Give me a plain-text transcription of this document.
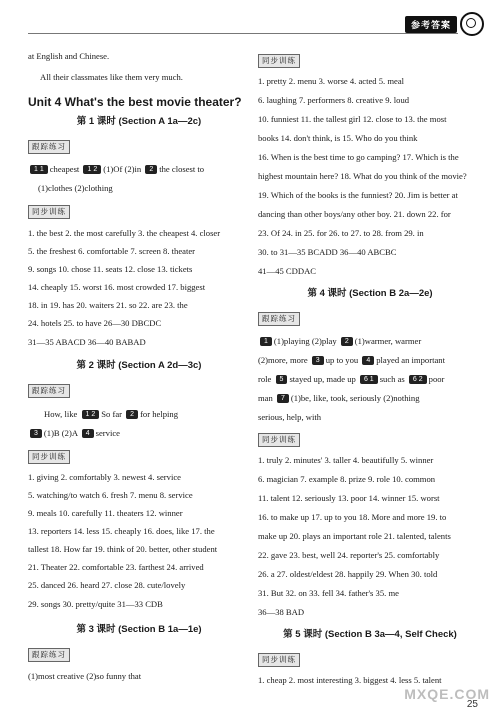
参考答案
at English and Chinese.
All their classmates like them very much.
Unit 4 What's the best movie theater?
第 1 课时 (Section A 1a—2c)
跟踪练习
1 1 cheapest 1 2 (1)Of (2)in 2 the closest to
(1)clothes (2)clothing
同步训练
1. the best 2. the most carefully 3. the cheapest 4. closer
5. the freshest 6. comfortable 7. screen 8. theater
9. songs 10. chose 11. seats 12. close 13. tickets
14. cheaply 15. worst 16. most crowded 17. biggest
18. in 19. has 20. waiters 21. so 22. are 23. the
24. hotels 25. to have 26—30 DBCDC
31—35 ABACD 36—40 BABAD
第 2 课时 (Section A 2d—3c)
跟踪练习
How, like 1 2 So far 2 for helping
3 (1)B (2)A 4 service
同步训练
1. giving 2. comfortably 3. newest 4. service
5. watching/to watch 6. fresh 7. menu 8. service
9. meals 10. carefully 11. theaters 12. winner
13. reporters 14. less 15. cheaply 16. does, like 17. the
tallest 18. How far 19. think of 20. better, other student
21. Theater 22. comfortable 23. farthest 24. arrived
25. danced 26. heard 27. close 28. cute/lovely
29. songs 30. pretty/quite 31—33 CDB
第 3 课时 (Section B 1a—1e)
跟踪练习
(1)most creative (2)so funny that
同步训练
1. pretty 2. menu 3. worse 4. acted 5. meal
6. laughing 7. performers 8. creative 9. loud
10. funniest 11. the tallest girl 12. close to 13. the most
books 14. don't think, is 15. Who do you think
16. When is the best time to go camping? 17. Which is the
highest mountain here? 18. What do you think of the movie?
19. Which of the books is the funniest? 20. Jim is better at
dancing than other boys/any other boy. 21. down 22. for
23. Of 24. in 25. for 26. to 27. to 28. from 29. in
30. to 31—35 BCADD 36—40 ABCBC
41—45 CDDAC
第 4 课时 (Section B 2a—2e)
跟踪练习
1 (1)playing (2)play 2 (1)warmer, warmer
(2)more, more 3 up to you 4 played an important
role 5 stayed up, made up 6 1 such as 6 2 poor
man 7 (1)be, like, took, seriously (2)nothing
serious, help, with
同步训练
1. truly 2. minutes' 3. taller 4. beautifully 5. winner
6. magician 7. example 8. prize 9. role 10. common
11. talent 12. seriously 13. poor 14. winner 15. worst
16. to make up 17. up to you 18. More and more 19. to
make up 20. plays an important role 21. talented, talents
22. gave 23. best, well 24. reporter's 25. comfortably
26. a 27. oldest/eldest 28. happily 29. When 30. told
31. But 32. on 33. fell 34. father's 35. me
36—38 BAD
第 5 课时 (Section B 3a—4, Self Check)
同步训练
1. cheap 2. most interesting 3. biggest 4. less 5. talent
MXQE.COM
25
